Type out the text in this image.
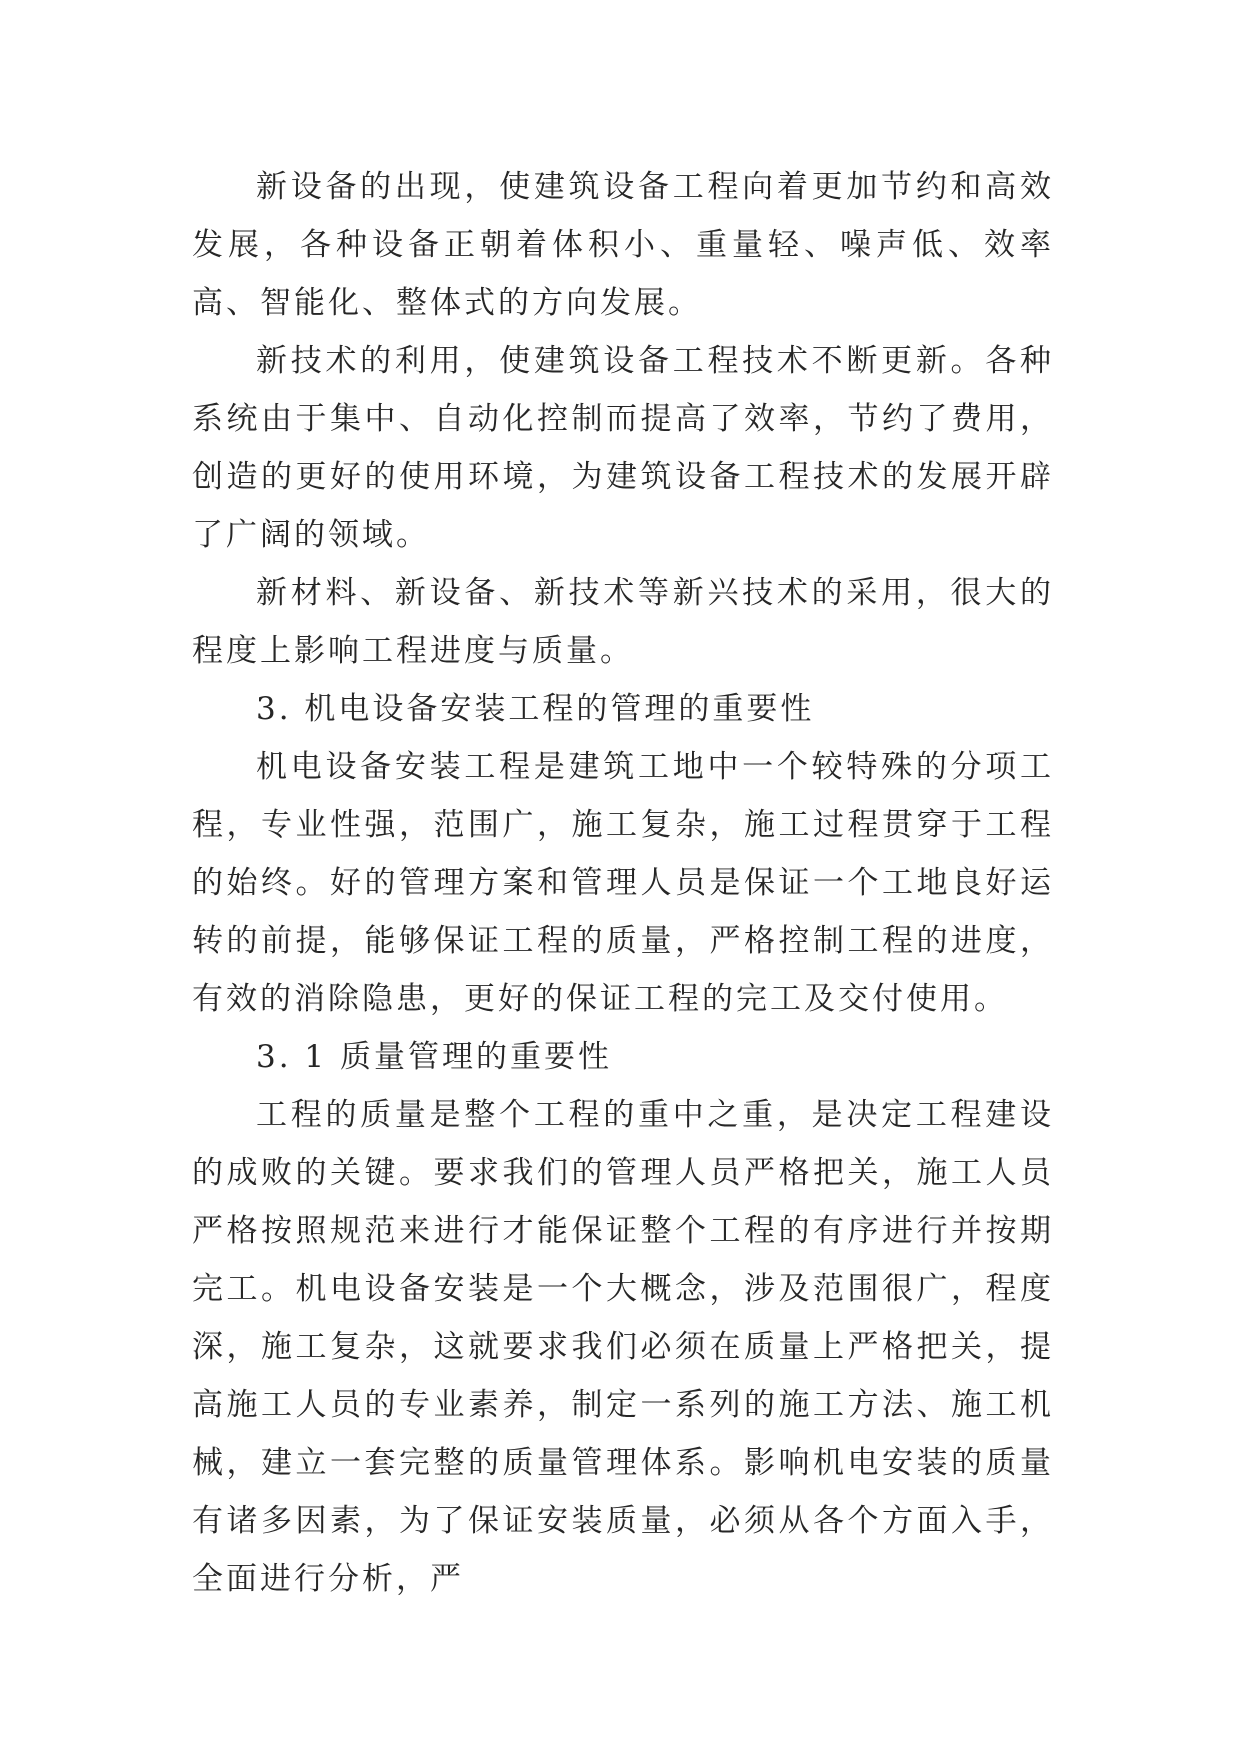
新设备的出现，使建筑设备工程向着更加节约和高效发展，各种设备正朝着体积小、重量轻、噪声低、效率高、智能化、整体式的方向发展。

新技术的利用，使建筑设备工程技术不断更新。各种系统由于集中、自动化控制而提高了效率，节约了费用，创造的更好的使用环境，为建筑设备工程技术的发展开辟了广阔的领域。

新材料、新设备、新技术等新兴技术的采用，很大的程度上影响工程进度与质量。

3. 机电设备安装工程的管理的重要性

机电设备安装工程是建筑工地中一个较特殊的分项工程，专业性强，范围广，施工复杂，施工过程贯穿于工程的始终。好的管理方案和管理人员是保证一个工地良好运转的前提，能够保证工程的质量，严格控制工程的进度，有效的消除隐患，更好的保证工程的完工及交付使用。

3. 1 质量管理的重要性

工程的质量是整个工程的重中之重，是决定工程建设的成败的关键。要求我们的管理人员严格把关，施工人员严格按照规范来进行才能保证整个工程的有序进行并按期完工。机电设备安装是一个大概念，涉及范围很广，程度深，施工复杂，这就要求我们必须在质量上严格把关，提高施工人员的专业素养，制定一系列的施工方法、施工机械，建立一套完整的质量管理体系。影响机电安装的质量有诸多因素，为了保证安装质量，必须从各个方面入手，全面进行分析，严
